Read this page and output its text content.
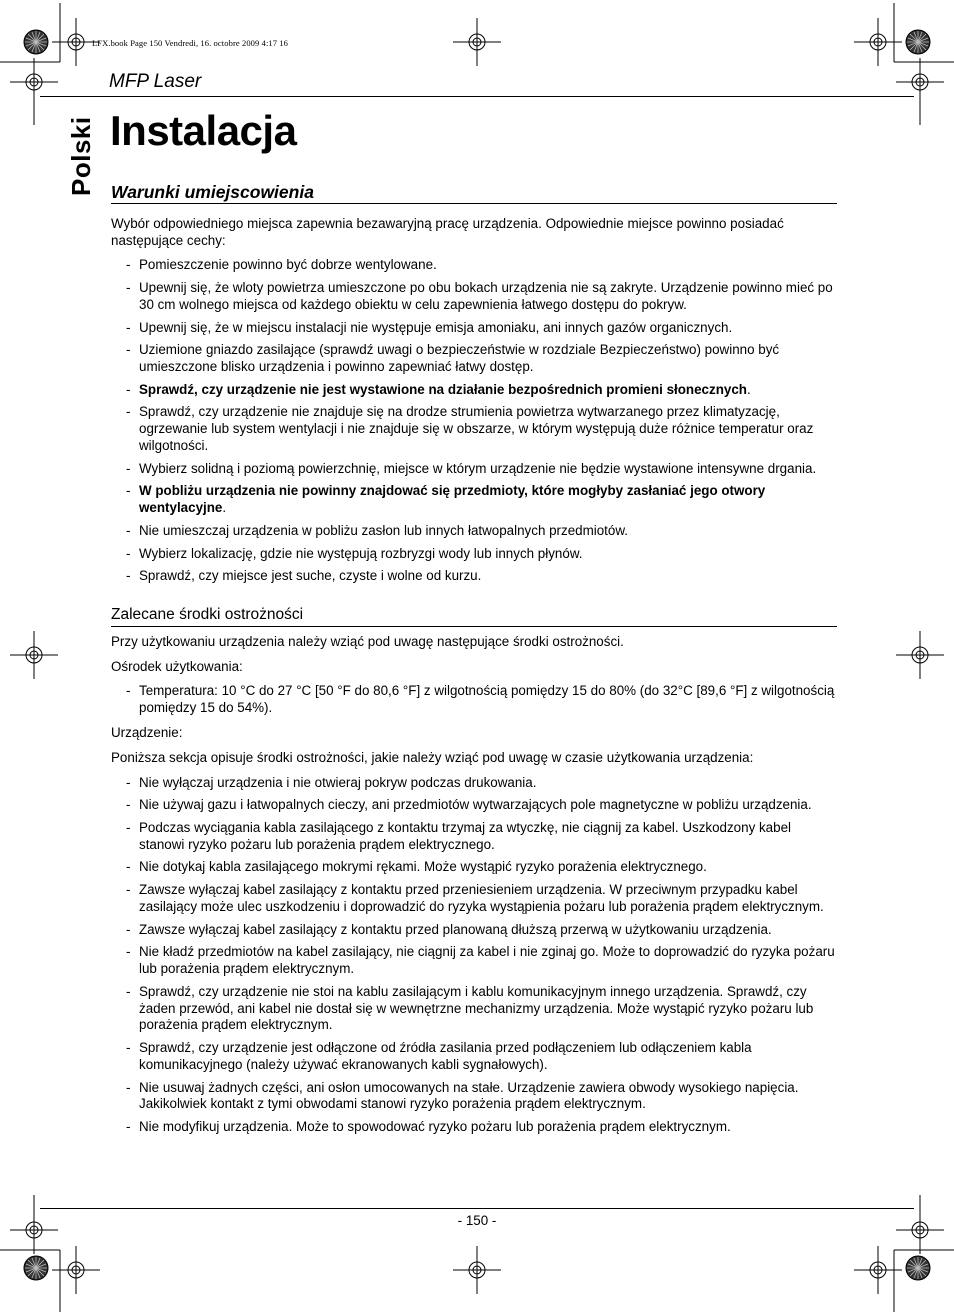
LFX.book Page 150 Vendredi, 16. octobre 2009 4:17 16
MFP Laser
Polski Instalacja
Warunki umiejscowienia
Wybór odpowiedniego miejsca zapewnia bezawaryjną pracę urządzenia. Odpowiednie miejsce powinno posiadać następujące cechy:
- Pomieszczenie powinno być dobrze wentylowane.
- Upewnij się, że wloty powietrza umieszczone po obu bokach urządzenia nie są zakryte. Urządzenie powinno mieć po 30 cm wolnego miejsca od każdego obiektu w celu zapewnienia łatwego dostępu do pokryw.
- Upewnij się, że w miejscu instalacji nie występuje emisja amoniaku, ani innych gazów organicznych.
- Uziemione gniazdo zasilające (sprawdź uwagi o bezpieczeństwie w rozdziale Bezpieczeństwo) powinno być umieszczone blisko urządzenia i powinno zapewniać łatwy dostęp.
- Sprawdź, czy urządzenie nie jest wystawione na działanie bezpośrednich promieni słonecznych.
- Sprawdź, czy urządzenie nie znajduje się na drodze strumienia powietrza wytwarzanego przez klimatyzację, ogrzewanie lub system wentylacji i nie znajduje się w obszarze, w którym występują duże różnice temperatur oraz wilgotności.
- Wybierz solidną i poziomą powierzchnię, miejsce w którym urządzenie nie będzie wystawione intensywne drgania.
- W pobliżu urządzenia nie powinny znajdować się przedmioty, które mogłyby zasłaniać jego otwory wentylacyjne.
- Nie umieszczaj urządzenia w pobliżu zasłon lub innych łatwopalnych przedmiotów.
- Wybierz lokalizację, gdzie nie występują rozbryzgi wody lub innych płynów.
- Sprawdź, czy miejsce jest suche, czyste i wolne od kurzu.
Zalecane środki ostrożności
Przy użytkowaniu urządzenia należy wziąć pod uwagę następujące środki ostrożności.
Ośrodek użytkowania:
- Temperatura: 10 °C do 27 °C [50 °F do 80,6 °F] z wilgotnością pomiędzy 15 do 80% (do 32°C [89,6 °F] z wilgotnością pomiędzy 15 do 54%).
Urządzenie:
Poniższa sekcja opisuje środki ostrożności, jakie należy wziąć pod uwagę w czasie użytkowania urządzenia:
- Nie wyłączaj urządzenia i nie otwieraj pokryw podczas drukowania.
- Nie używaj gazu i łatwopalnych cieczy, ani przedmiotów wytwarzających pole magnetyczne w pobliżu urządzenia.
- Podczas wyciągania kabla zasilającego z kontaktu trzymaj za wtyczkę, nie ciągnij za kabel. Uszkodzony kabel stanowi ryzyko pożaru lub porażenia prądem elektrycznego.
- Nie dotykaj kabla zasilającego mokrymi rękami. Może wystąpić ryzyko porażenia elektrycznego.
- Zawsze wyłączaj kabel zasilający z kontaktu przed przeniesieniem urządzenia. W przeciwnym przypadku kabel zasilający może ulec uszkodzeniu i doprowadzić do ryzyka wystąpienia pożaru lub porażenia prądem elektrycznym.
- Zawsze wyłączaj kabel zasilający z kontaktu przed planowaną dłuższą przerwą w użytkowaniu urządzenia.
- Nie kładź przedmiotów na kabel zasilający, nie ciągnij za kabel i nie zginaj go. Może to doprowadzić do ryzyka pożaru lub porażenia prądem elektrycznym.
- Sprawdź, czy urządzenie nie stoi na kablu zasilającym i kablu komunikacyjnym innego urządzenia. Sprawdź, czy żaden przewód, ani kabel nie dostał się w wewnętrzne mechanizmy urządzenia. Może wystąpić ryzyko pożaru lub porażenia prądem elektrycznym.
- Sprawdź, czy urządzenie jest odłączone od źródła zasilania przed podłączeniem lub odłączeniem kabla komunikacyjnego (należy używać ekranowanych kabli sygnałowych).
- Nie usuwaj żadnych części, ani osłon umocowanych na stałe. Urządzenie zawiera obwody wysokiego napięcia. Jakikolwiek kontakt z tymi obwodami stanowi ryzyko porażenia prądem elektrycznym.
- Nie modyfikuj urządzenia. Może to spowodować ryzyko pożaru lub porażenia prądem elektrycznym.
- 150 -
